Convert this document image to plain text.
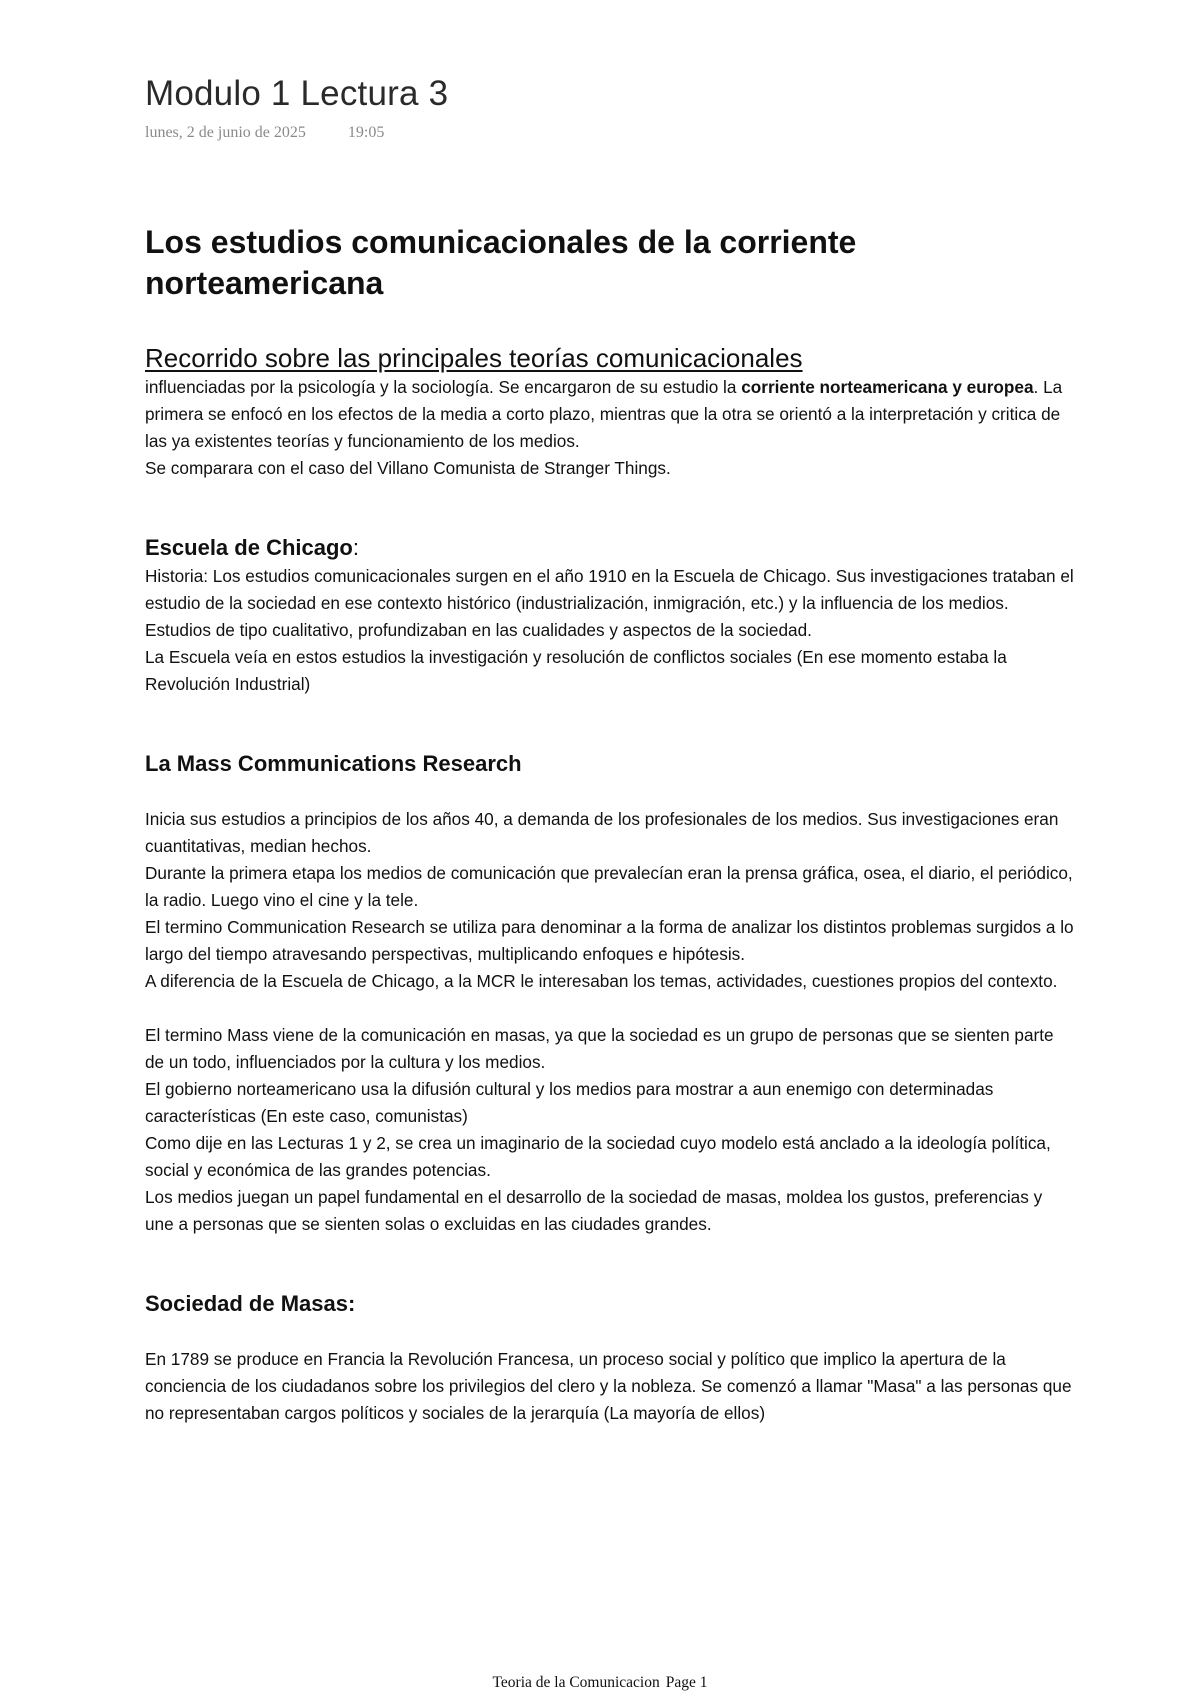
Modulo 1 Lectura 3
lunes, 2 de junio de 2025	19:05
Los estudios comunicacionales de la corriente norteamericana
Recorrido sobre las principales teorías comunicacionales

influenciadas por la psicología y la sociología. Se encargaron de su estudio la corriente norteamericana y europea. La primera se enfocó en los efectos de la media a corto plazo, mientras que la otra se orientó a la interpretación y critica de las ya existentes teorías y funcionamiento de los medios.

Se comparara con el caso del Villano Comunista de Stranger Things.

Escuela de Chicago:

Historia: Los estudios comunicacionales surgen en el año 1910 en la Escuela de Chicago. Sus investigaciones trataban el estudio de la sociedad en ese contexto histórico (industrialización, inmigración, etc.) y la influencia de los medios. Estudios de tipo cualitativo, profundizaban en las cualidades y aspectos de la sociedad.

La Escuela veía en estos estudios la investigación y resolución de conflictos sociales (En ese momento estaba la Revolución Industrial)

La Mass Communications Research

Inicia sus estudios a principios de los años 40, a demanda de los profesionales de los medios. Sus investigaciones eran cuantitativas, median hechos.

Durante la primera etapa los medios de comunicación que prevalecían eran la prensa gráfica, osea, el diario, el periódico, la radio. Luego vino el cine y la tele.

El termino Communication Research se utiliza para denominar a la forma de analizar los distintos problemas surgidos a lo largo del tiempo atravesando perspectivas, multiplicando enfoques e hipótesis.

A diferencia de la Escuela de Chicago, a la MCR le interesaban los temas, actividades, cuestiones propios del contexto.

El termino Mass viene de la comunicación en masas, ya que la sociedad es un grupo de personas que se sienten parte de un todo, influenciados por la cultura y los medios.

El gobierno norteamericano usa la difusión cultural y los medios para mostrar a aun enemigo con determinadas características (En este caso, comunistas)

Como dije en las Lecturas 1 y 2, se crea un imaginario de la sociedad cuyo modelo está anclado a la ideología política, social y económica de las grandes potencias.

Los medios juegan un papel fundamental en el desarrollo de la sociedad de masas, moldea los gustos, preferencias y une a personas que se sienten solas o excluidas en las ciudades grandes.

Sociedad de Masas:

En 1789 se produce en Francia la Revolución Francesa, un proceso social y político que implico la apertura de la conciencia de los ciudadanos sobre los privilegios del clero y la nobleza. Se comenzó a llamar "Masa" a las personas que no representaban cargos políticos y sociales de la jerarquía (La mayoría de ellos)

Teoria de la Comunicacion Page 1
